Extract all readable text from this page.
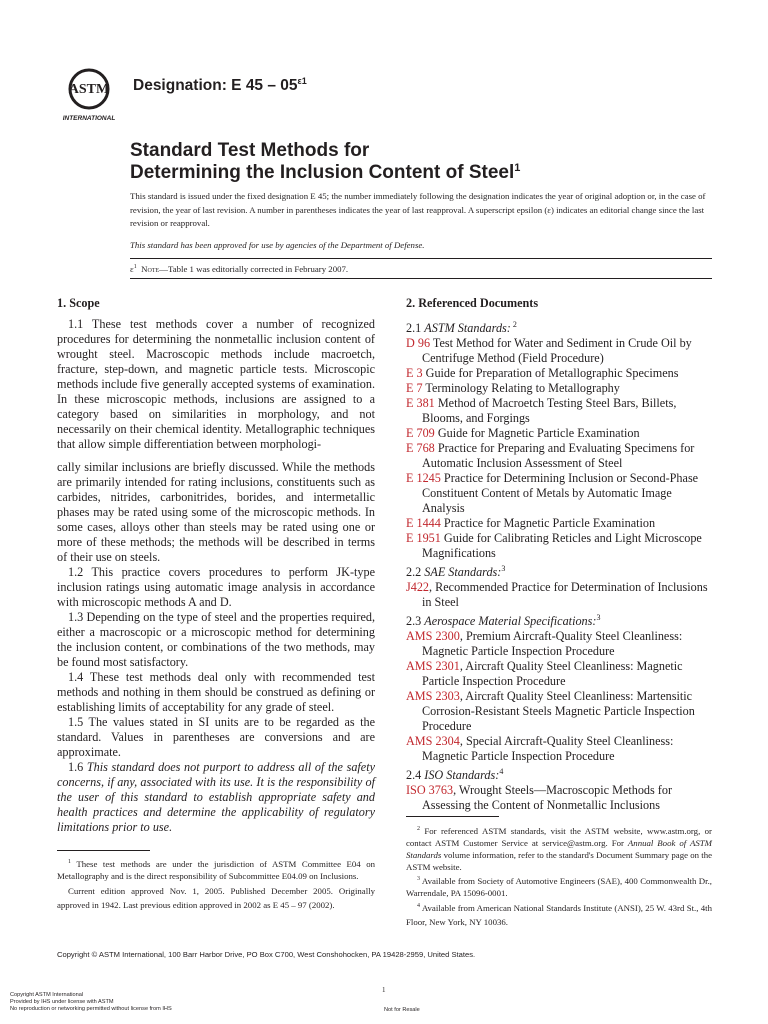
ASTM
INTERNATIONAL
Designation: E $45 - 05^{\varepsilon 1}$
Standard Test Methods for
Determining the Inclusion Content of Steel$^1$
This standard is issued under the fixed designation E 45; the number immediately following the designation indicates the year of original adoption or, in the case of revision, the year of last revision. A number in parentheses indicates the year of last reapproval. A superscript epsilon (ε) indicates an editorial change since the last revision or reapproval.
This standard has been approved for use by agencies of the Department of Defense.
$\varepsilon^1$ Note—Table 1 was editorially corrected in February 2007.

1. Scope

1.1 These test methods cover a number of recognized procedures for determining the nonmetallic inclusion content of wrought steel. Macroscopic methods include macroetch, fracture, step-down, and magnetic particle tests. Microscopic methods include five generally accepted systems of examination. In these microscopic methods, inclusions are assigned to a category based on similarities in morphology, and not necessarily on their chemical identity. Metallographic techniques that allow simple differentiation between morphologi-

cally similar inclusions are briefly discussed. While the methods are primarily intended for rating inclusions, constituents such as carbides, nitrides, carbonitrides, borides, and intermetallic phases may be rated using some of the microscopic methods. In some cases, alloys other than steels may be rated using one or more of these methods; the methods will be described in terms of their use on steels.

1.2 This practice covers procedures to perform JK-type inclusion ratings using automatic image analysis in accordance with microscopic methods A and D.

1.3 Depending on the type of steel and the properties required, either a macroscopic or a microscopic method for determining the inclusion content, or combinations of the two methods, may be found most satisfactory.

1.4 These test methods deal only with recommended test methods and nothing in them should be construed as defining or establishing limits of acceptability for any grade of steel.

1.5 The values stated in SI units are to be regarded as the standard. Values in parentheses are conversions and are approximate.

1.6 This standard does not purport to address all of the safety concerns, if any, associated with its use. It is the responsibility of the user of this standard to establish appropriate safety and health practices and determine the applicability of regulatory limitations prior to use.

2. Referenced Documents

2.1 ASTM Standards: $^2$

D 96 Test Method for Water and Sediment in Crude Oil by Centrifuge Method (Field Procedure)

E 3 Guide for Preparation of Metallographic Specimens

E 7 Terminology Relating to Metallography

E 381 Method of Macroetch Testing Steel Bars, Billets, Blooms, and Forgings

E 709 Guide for Magnetic Particle Examination

E 768 Practice for Preparing and Evaluating Specimens for Automatic Inclusion Assessment of Steel

E 1245 Practice for Determining Inclusion or Second-Phase Constituent Content of Metals by Automatic Image Analysis

E 1444 Practice for Magnetic Particle Examination

E 1951 Guide for Calibrating Reticles and Light Microscope Magnifications

2.2 SAE Standards:$^3$

J422, Recommended Practice for Determination of Inclusions in Steel

2.3 Aerospace Material Specifications:$^3$

AMS 2300, Premium Aircraft-Quality Steel Cleanliness: Magnetic Particle Inspection Procedure

AMS 2301, Aircraft Quality Steel Cleanliness: Magnetic Particle Inspection Procedure

AMS 2303, Aircraft Quality Steel Cleanliness: Martensitic Corrosion-Resistant Steels Magnetic Particle Inspection Procedure

AMS 2304, Special Aircraft-Quality Steel Cleanliness: Magnetic Particle Inspection Procedure

2.4 ISO Standards:$^4$

ISO 3763, Wrought Steels—Macroscopic Methods for Assessing the Content of Nonmetallic Inclusions

$^1$ These test methods are under the jurisdiction of ASTM Committee E04 on Metallography and is the direct responsibility of Subcommittee E04.09 on Inclusions.

Current edition approved Nov. 1, 2005. Published December 2005. Originally approved in 1942. Last previous edition approved in 2002 as E 45 – 97 (2002).

$^2$ For referenced ASTM standards, visit the ASTM website, www.astm.org, or contact ASTM Customer Service at service@astm.org. For Annual Book of ASTM Standards volume information, refer to the standard's Document Summary page on the ASTM website.

$^3$ Available from Society of Automotive Engineers (SAE), 400 Commonwealth Dr., Warrendale, PA 15096-0001.

$^4$ Available from American National Standards Institute (ANSI), 25 W. 43rd St., 4th Floor, New York, NY 10036.

Copyright © ASTM International, 100 Barr Harbor Drive, PO Box C700, West Conshohocken, PA 19428-2959, United States.
Copyright ASTM International
Provided by IHS under license with ASTM
No reproduction or networking permitted without license from IHS
1
Not for Resale
